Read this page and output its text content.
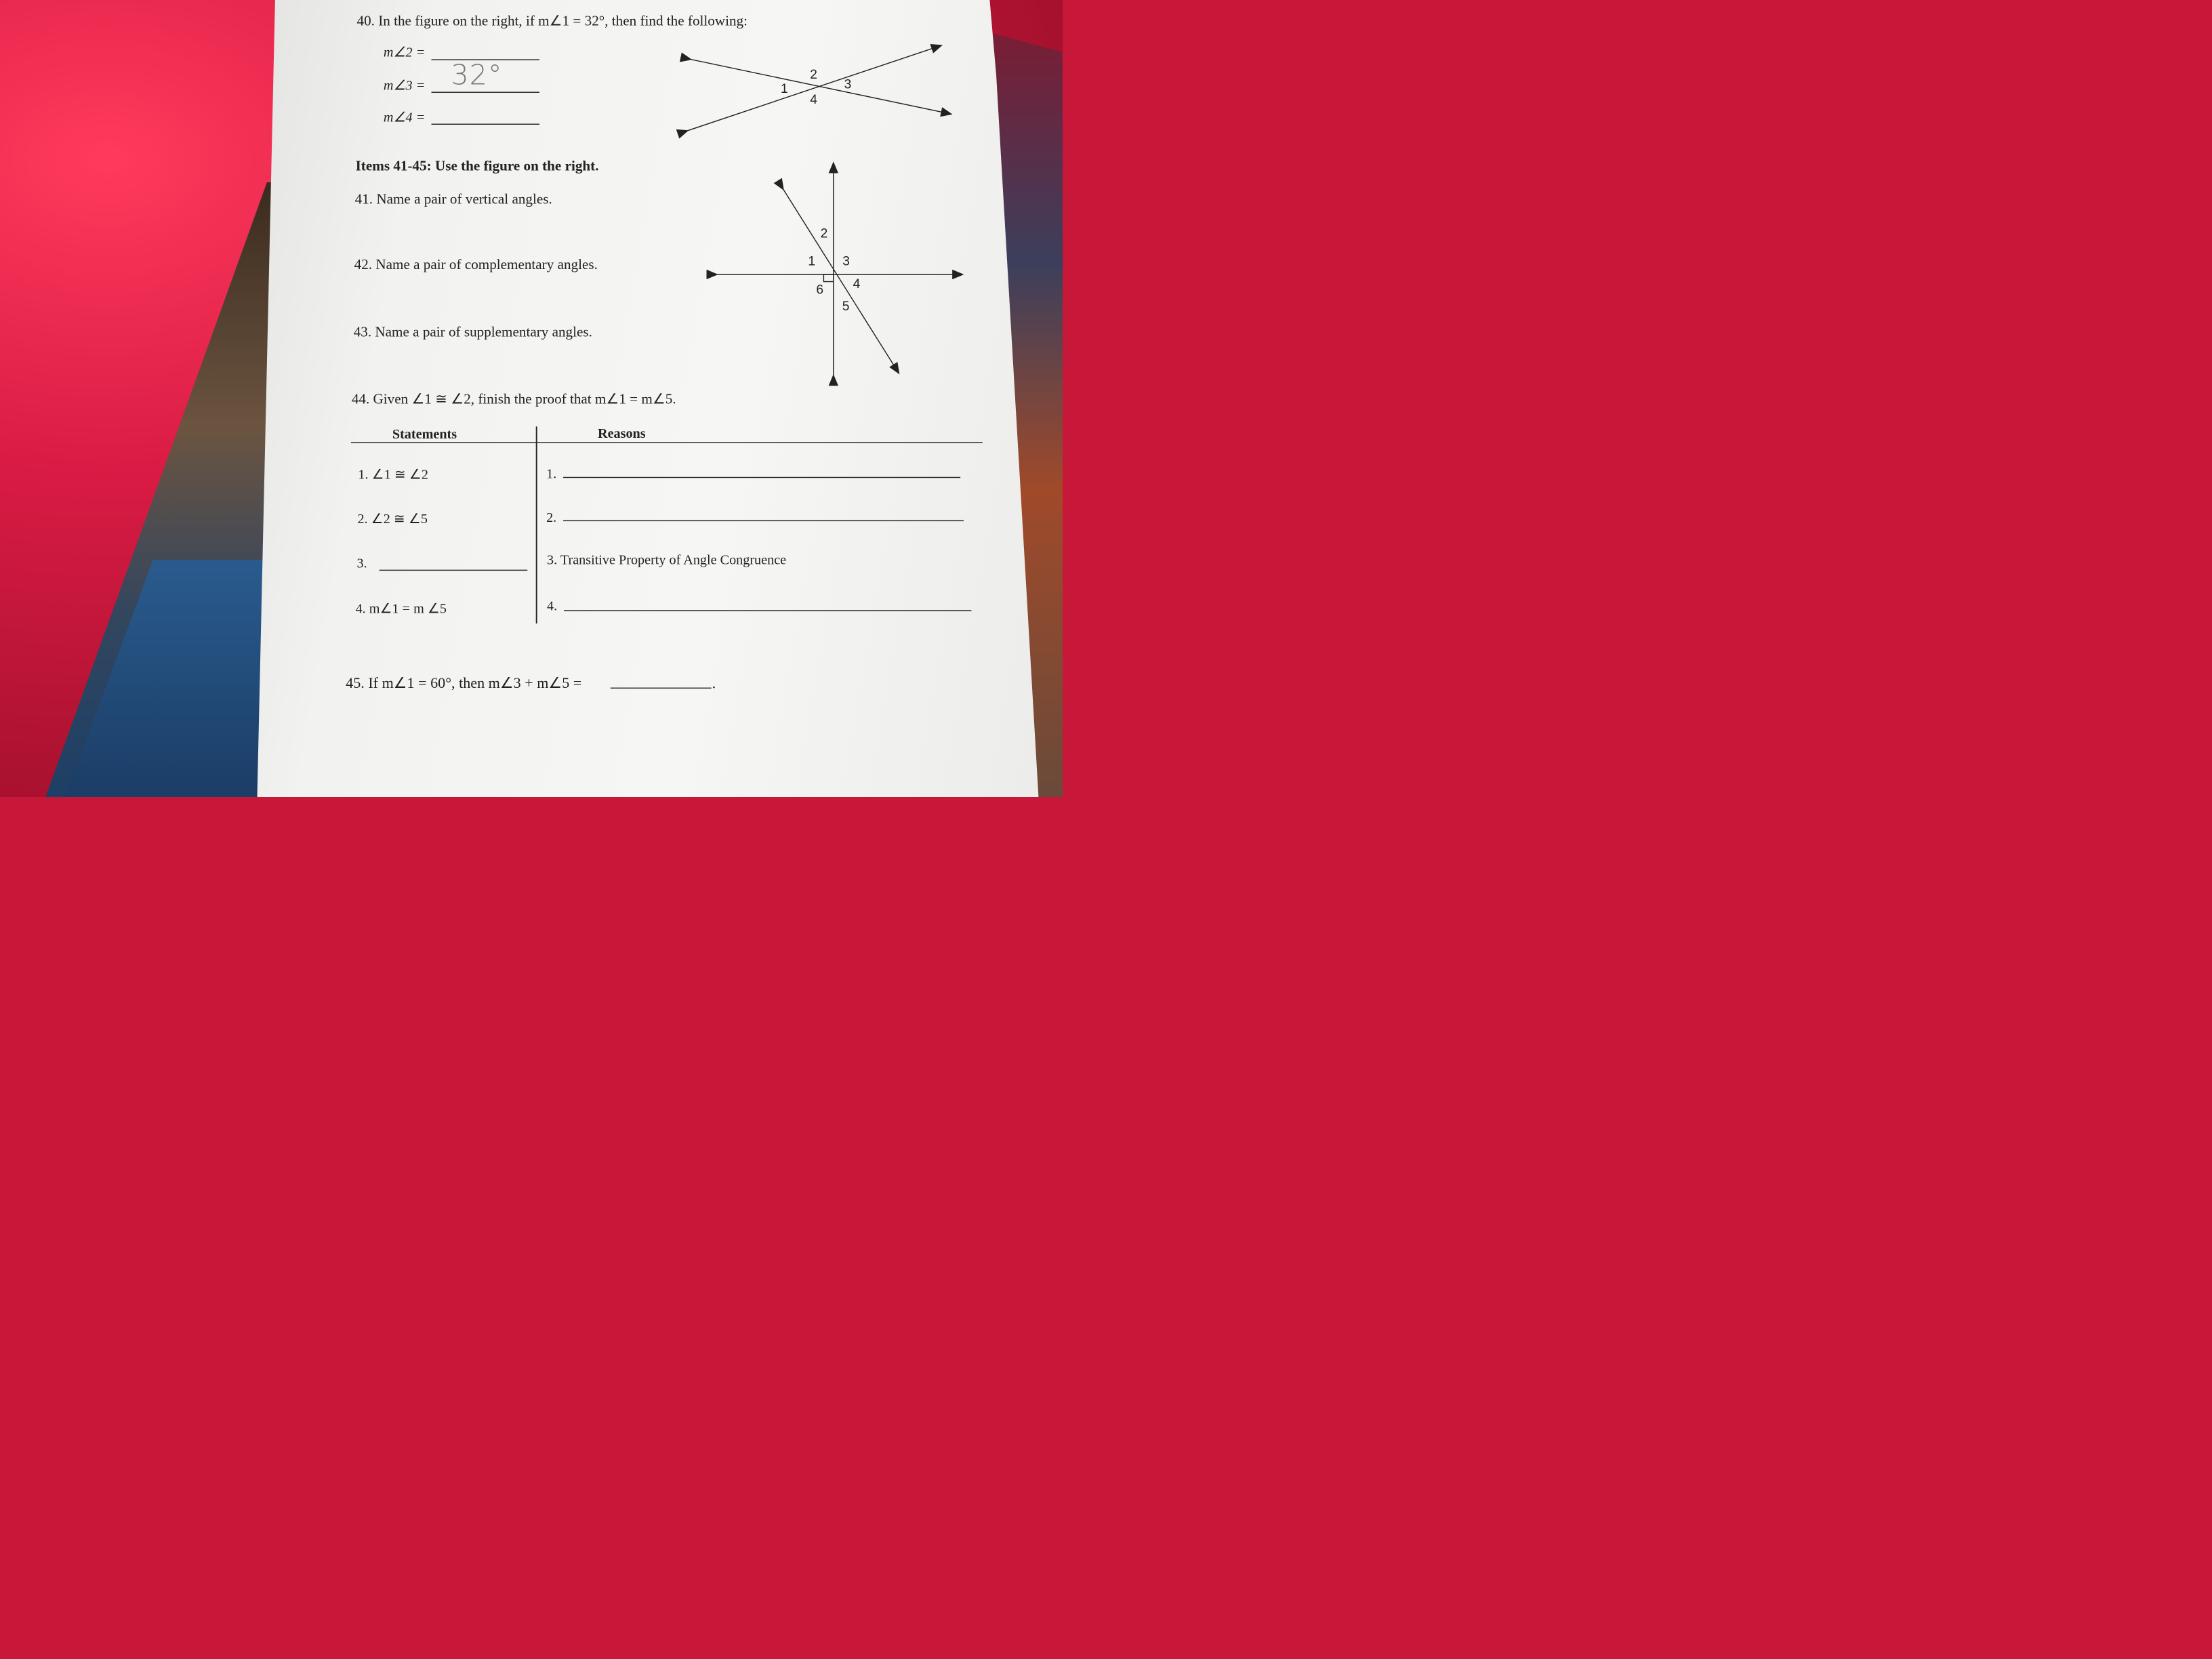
40. In the figure on the right, if m∠1 = 32°, then find the following:
m∠2 =
m∠3 = 32°
m∠4 =
1
2
3
4
Items 41-45: Use the figure on the right.
41. Name a pair of vertical angles.
42. Name a pair of complementary angles.
43. Name a pair of supplementary angles.
1
2
3
4
5
6
44. Given ∠1 ≅ ∠2, finish the proof that m∠1 = m∠5.
Statements	Reasons
1. ∠1 ≅ ∠2
2. ∠2 ≅ ∠5
3.
4. m∠1 = m ∠5
1.
2.
3. Transitive Property of Angle Congruence
4.
45. If m∠1 = 60°, then m∠3 + m∠5 =	.
